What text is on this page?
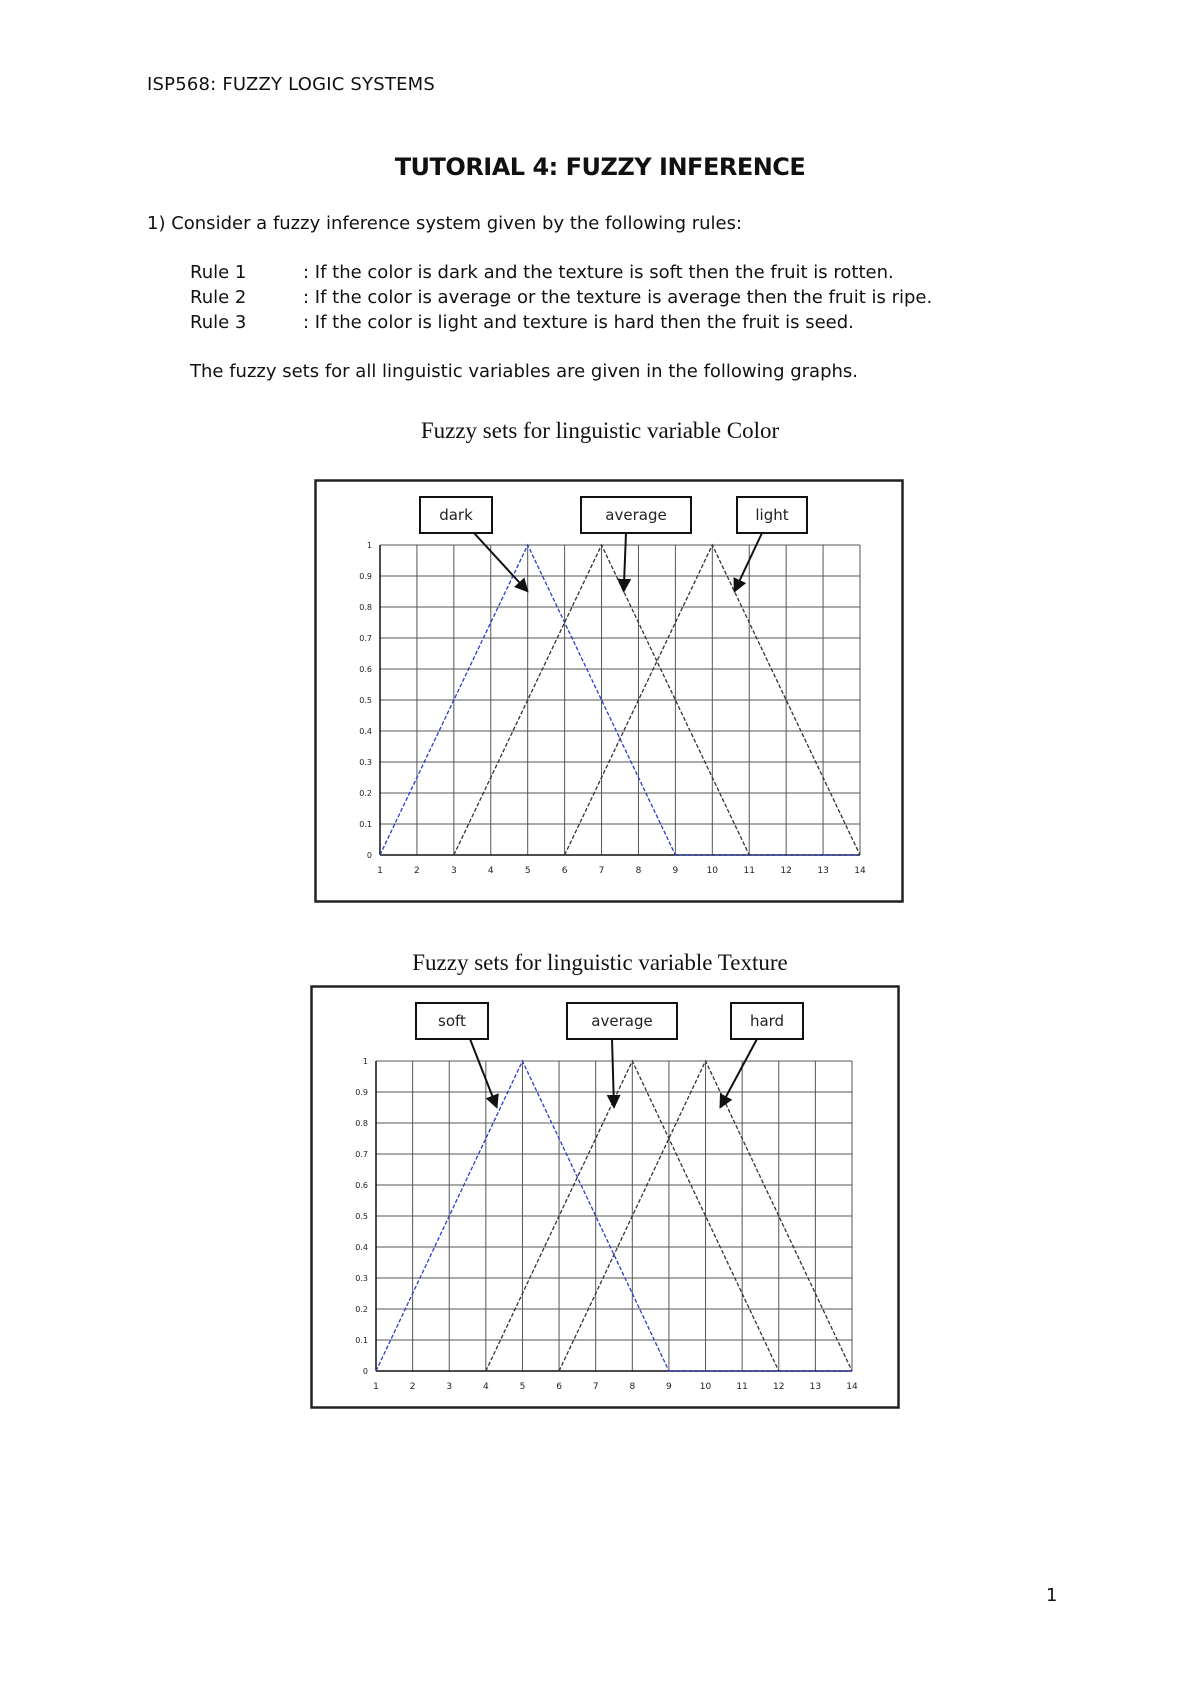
ISP568: FUZZY LOGIC SYSTEMS
TUTORIAL 4: FUZZY INFERENCE
1) Consider a fuzzy inference system given by the following rules:
Rule 1	: If the color is dark and the texture is soft then the fruit is rotten.
Rule 2	: If the color is average or the texture is average then the fruit is ripe.
Rule 3	: If the color is light and texture is hard then the fruit is seed.
The fuzzy sets for all linguistic variables are given in the following graphs.
Fuzzy sets for linguistic variable Color
1	2	3	4	5	6	7	8	9	10	11	12	13	14
0
0.1
0.2
0.3
0.4
0.5
0.6
0.7
0.8
0.9
1
dark	average	light
Fuzzy sets for linguistic variable Texture
1	2	3	4	5	6	7	8	9	10	11	12	13	14
0
0.1
0.2
0.3
0.4
0.5
0.6
0.7
0.8
0.9
1
soft	average	hard
1
